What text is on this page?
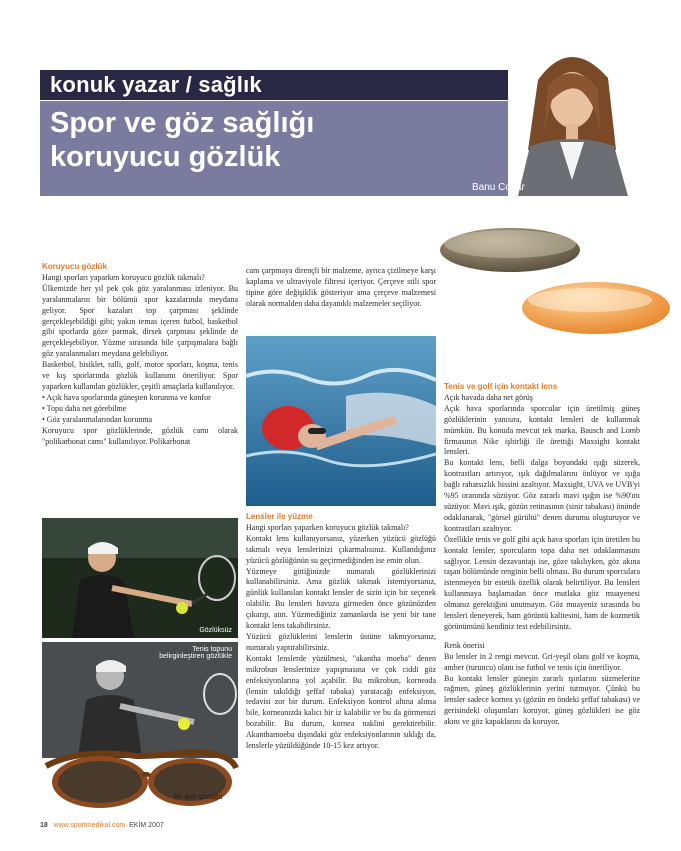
konuk yazar / sağlık
Spor ve göz sağlığı
koruyucu gözlük
Banu Coşar
Koruyucu gözlük

Hangi sporları yaparken koruyucu gözlük takmalı?

Ülkemizde her yıl pek çok göz yaralanması izleniyor. Bu yaralanmaların bir bölümü spor kazalarında meydana geliyor. Spor kazaları top çarpması şeklinde gerçekleşebildiği gibi; yakın temas içeren futbol, basketbol gibi sporlarda göze parmak, dirsek çarpması şeklinde de gerçekleşebiliyor. Yüzme sırasında bile çarpışmalara bağlı göz yaralanmaları meydana gelebiliyor.

Basketbol, bisiklet, ralli, golf, motor sporları, koşma, tenis ve kış sporlarında gözlük kullanımı öneriliyor. Spor yaparken kullanılan gözlükler, çeşitli amaçlarla kullanılıyor.

• Açık hava sporlarında güneşten korunma ve konfor

• Topu daha net görebilme

• Göz yaralanmalarından korunma

Koruyucu spor gözlüklerinde, gözlük camı olarak "polikarbonat camı" kullanılıyor. Polikarbonat

Gözlüksüz
Tenis topunu belirginleştiren gözlükle
Bir golf gözlüğü

cam çarpmaya dirençli bir malzeme, ayrıca çizilmeye karşı kaplama ve ultraviyole filtresi içeriyor. Çerçeve stili spor tipine göre değişiklik gösteriyor ama çerçeve malzemesi olarak normalden daha dayanıklı malzemeler seçiliyor.

Lensler ile yüzme

Hangi sporları yaparken koruyucu gözlük takmalı?

Kontakt lens kullanıyorsanız, yüzerken yüzücü gözlüğü takmalı veya lenslerinizi çıkarmalısınız. Kullandığınız yüzücü gözlüğünün su geçirmediğinden ise emin olun.

Yüzmeye gittiğinizde numaralı gözlüklerinizi kullanabilirsiniz. Ama gözlük takmak istemiyorsanız, günlük kullanılan kontakt lensler de sizin için bir seçenek olabilir. Bu lensleri havuza girmeden önce gözünüzden çıkarıp, atın. Yüzmediğiniz zamanlarda ise yeni bir tane kontakt lens takabilirsiniz.

Yüzücü gözlüklerini lenslerin üstüne takmıyorsanız, numaralı yaptırabilirsiniz.

Kontakt lenslerde yüzülmesi, "akantha moeba" denen mikrobun lenslerinize yapışmasına ve çok ciddi göz enfeksiyonlarına yol açabilir. Bu mikrobun, korneada (lensin takıldığı şeffaf tabaka) yaratacağı enfeksiyon, tedavisi zor bir durum. Enfeksiyon kontrol altına alınsa bile, korneanızda kalıcı bir iz kalabilir ve bu da görmenizi bozabilir. Bu durum, kornea naklini gerektirebilir. Akanthamoeba dışındaki göz enfeksiyonlarının sıklığı da, lenslerle yüzüldüğünde 10-15 kez artıyor.

Tenis ve golf için kontakt lens

Açık havada daha net görüş

Açık hava sporlarında sporcular için üretilmiş güneş gözlüklerinin yanısıra, kontakt lensleri de kullanmak mümkün. Bu konuda mevcut tek marka, Bausch and Lomb firmasının Nike işbirliği ile ürettiği Maxsight kontakt lensleri.

Bu kontakt lens, belli dalga boyundaki ışığı süzerek, kontrastları artırıyor, ışık dağılmalarını önlüyor ve ışığa bağlı rahatsızlık hissini azaltıyor. Maxsight, UVA ve UVB'yi %95 oranında süzüyor. Göz zararlı mavi ışığın ise %90'ını süzüyor. Mavi ışık, gözün retinasının (sinir tabakası) önünde odaklanarak, "görsel gürültü" denen durumu oluşturuyor ve kontrastları azaltıyor.

Özellikle tenis ve golf gibi açık hava sporları için üretilen bu kontakt lensler, sporcuların topa daha net odaklanmasını sağlıyor. Lensin dezavantajı ise, göze takılıyken, göz akına taşan bölümünde renginin belli olması. Bu durum sporculara istenmeyen bir estetik özellik olarak belirtiliyor. Bu lensleri kullanmaya başlamadan önce mutlaka göz muayenesi olmanız gerektiğini unutmayın. Göz muayeniz sırasında bu lensleri deneyerek, ham görüntü kalitesini, ham de kozmetik görünümünü kendiniz test edebilirsiniz.

Renk önerisi

Bu lensler in 2 rengi mevcut. Gri-yeşil olanı golf ve koşma, amber (turuncu) olanı ise futbol ve tenis için öneriliyor.

Bu kontakt lensler güneşin zararlı ışınlarını süzmelerine rağmen, güneş gözlüklerinin yerini tutmuyor. Çünkü bu lensler sadece kornea yı (gözün en öndeki şeffaf tabakası) ve gerisindeki oluşumları koruyor, güneş gözlükleri ise göz akını ve göz kapaklarını da koruyor.

18 www.sportmedikal.com EKİM 2007
